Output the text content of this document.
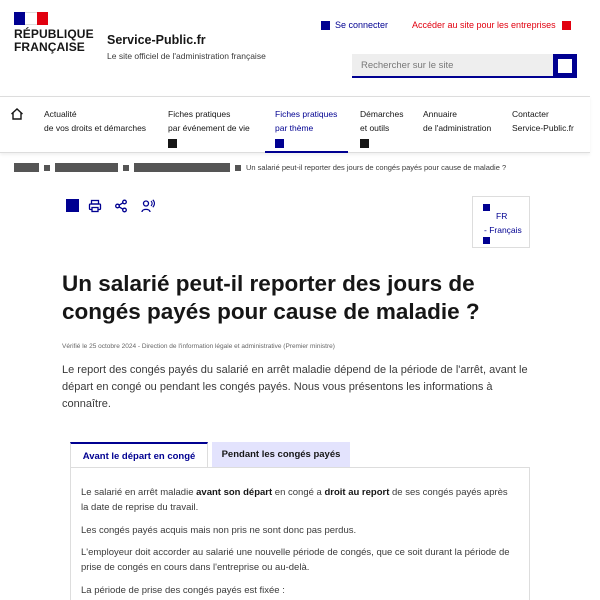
RÉPUBLIQUE
FRANÇAISE	Service-Public.fr
Le site officiel de l'administration française
Se connecter	Accéder au site pour les entreprises
Rechercher sur le site
Actualité
de vos droits et démarches
Fiches pratiques
par événement de vie
Fiches pratiques
par thème
Démarches
et outils
Annuaire
de l'administration
Contacter
Service-Public.fr
Un salarié peut-il reporter des jours de congés payés pour cause de maladie ?
FR
- Français
Un salarié peut-il reporter des jours de congés payés pour cause de maladie ?
Vérifié le 25 octobre 2024 - Direction de l'information légale et administrative (Premier ministre)

Le report des congés payés du salarié en arrêt maladie dépend de la période de l'arrêt, avant le départ en congé ou pendant les congés payés. Nous vous présentons les informations à connaître.

Avant le départ en congé	Pendant les congés payés

Le salarié en arrêt maladie avant son départ en congé a droit au report de ses congés payés après la date de reprise du travail.

Les congés payés acquis mais non pris ne sont donc pas perdus.

L'employeur doit accorder au salarié une nouvelle période de congés, que ce soit durant la période de prise de congés en cours dans l'entreprise ou au-delà.

La période de prise des congés payés est fixée :
